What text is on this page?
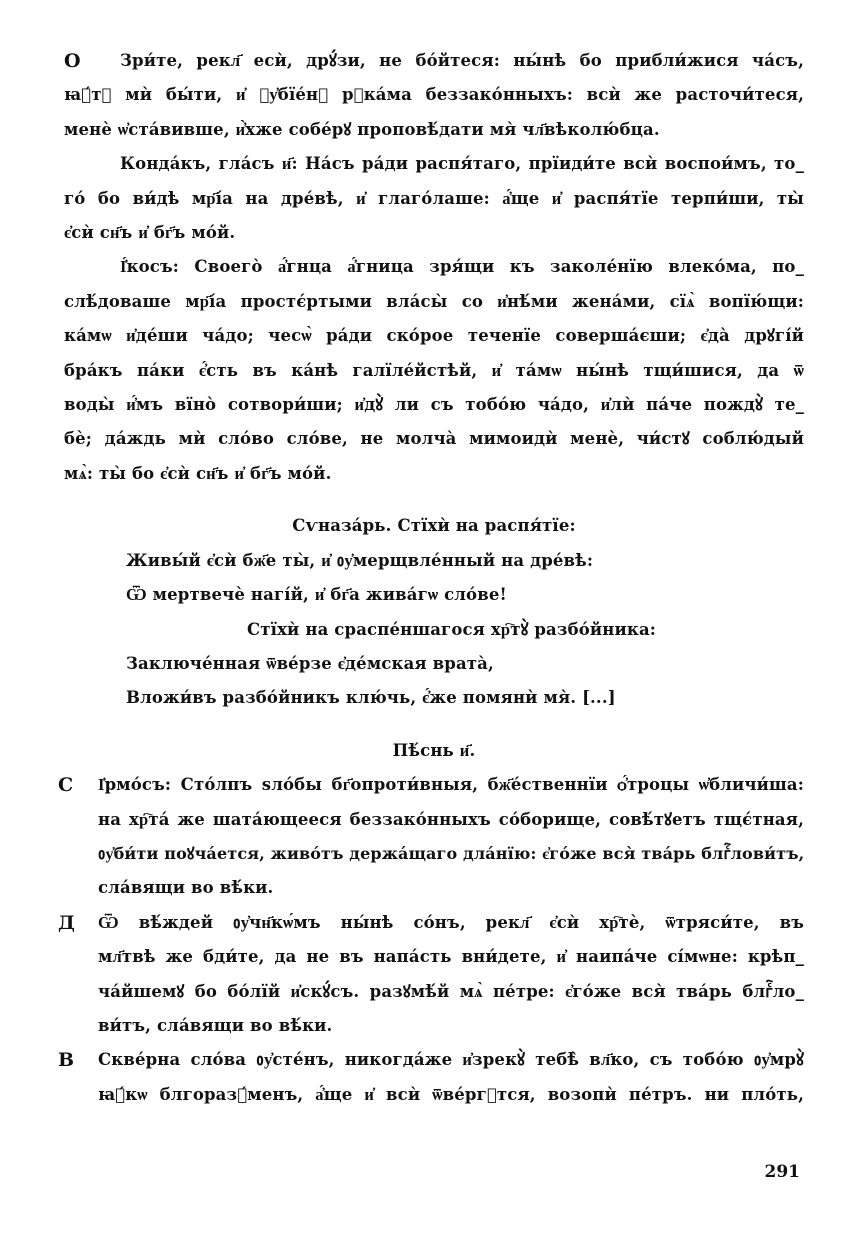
О	Зри́те, рекл҃ есѝ, дрꙋ́зи, не бо́йтеся: ны́нѣ бо прибли́жися ча́съ,
ꙗ҆́тꙋ мѝ бы́ти, и҆ ᲂу҆бїе́нꙋ рꙋка́ма беззако́нныхъ: всѝ же расточи́теся,
менѐ ѡ҆ста́вивше, и҆̀хже собе́рꙋ проповѣ́дати мя̀ чл҃вѣколю́бца.
Конда́къ, гла́съ и҃: На́съ ра́ди распя́таго, прїиди́те всѝ воспои́мъ, то_
го́ бо ви́дѣ мр҃і́а на дре́вѣ, и҆ глаго́лаше: а҆́ще и҆ распя́тїе терпи́ши, ты̀
є҆сѝ сн҃ъ и҆ бг҃ъ мо́й.
І҆́косъ: Своего̀ а҆́гнца а҆́гница зря́щи къ заколе́нїю влеко́ма, по_
слѣ́доваше мр҃і́а простє́ртыми вла́сы̀ со и҆нѣ́ми жена́ми, сїѧ̀ вопїю́щи:
ка́мѡ и҆де́ши ча́до; чесѡ̀ ра́ди ско́рое теченїе соверша́єши; є҆да̀ дрꙋгі́й
бра́къ па́ки є҆́сть въ ка́нѣ галїле́йстѣй, и҆ та́мѡ ны́нѣ тщи́шися, да ѿ
воды̀ и҆́мъ вїно̀ сотвори́ши; и҆дꙋ̀ ли съ тобо́ю ча́до, и҆лѝ па́че пождꙋ̀ те_
бѐ; да́ждь мѝ сло́во сло́ве, не молча̀ мимоидѝ менѐ, чи́стꙋ соблю́дый
мѧ̀: ты̀ бо є҆сѝ сн҃ъ и҆ бг҃ъ мо́й.
Сѵназа́рь. Стїхѝ на распя́тїе:
Живы́й є҆сѝ бж҃е ты̀, и҆ ᲂу҆мерщвле́нный на дре́вѣ:
Ѿ мертвечѐ нагі́й, и҆ бг҃а жива́гѡ сло́ве!
Стїхѝ на сраспе́ншагося хр҇тꙋ̀ разбо́йника:
Заключе́нная ѿве́рзе є҆де́мская врата̀,
Вложи́въ разбо́йникъ клю́чь, є҆́же помянѝ мя̀. [...]
Пѣ́снь и҃.
С	І҆рмо́съ: Сто́лпъ ѕло́бы бг҃опроти́вныя, бж҃е́ственнїи ѻ҆́троцы ѡ҆бличи́ша:
на хр҇та́ же шата́ющееся беззако́нныхъ со́борище, совѣ́тꙋетъ тщє́тная,
ᲂу҆би́ти поꙋча́ется, живо́тъ держа́щаго дла́нїю: є҆го́же вся̀ тва́рь блгⷭ҇лови́тъ,
сла́вящи во вѣ́ки.
Д	Ѿ вѣ́ждей ᲂу҆чн҃кѡ́мъ ны́нѣ со́нъ, рекл҃ є҆сѝ хр҇тѐ, ѿтряси́те, въ
мл҃твѣ же бди́те, да не въ напа́сть вни́дете, и҆ наипа́че сі́мѡне: крѣп_
ча́йшемꙋ бо бо́лїй и҆скꙋ́съ. разꙋмѣ́й мѧ̀ пе́тре: є҆го́же вся̀ тва́рь блгⷭ҇ло_
ви́тъ, сла́вящи во вѣ́ки.
В	Скве́рна сло́ва ᲂу҆сте́нъ, никогда́же и҆зрекꙋ̀ тебѣ̀ вл҃ко, съ тобо́ю ᲂу҆мрꙋ̀
ꙗ҆́кѡ блгоразꙋ́менъ, а҆́ще и҆ всѝ ѿве́ргꙋтся, возопѝ пе́тръ. ни пло́ть,
291
